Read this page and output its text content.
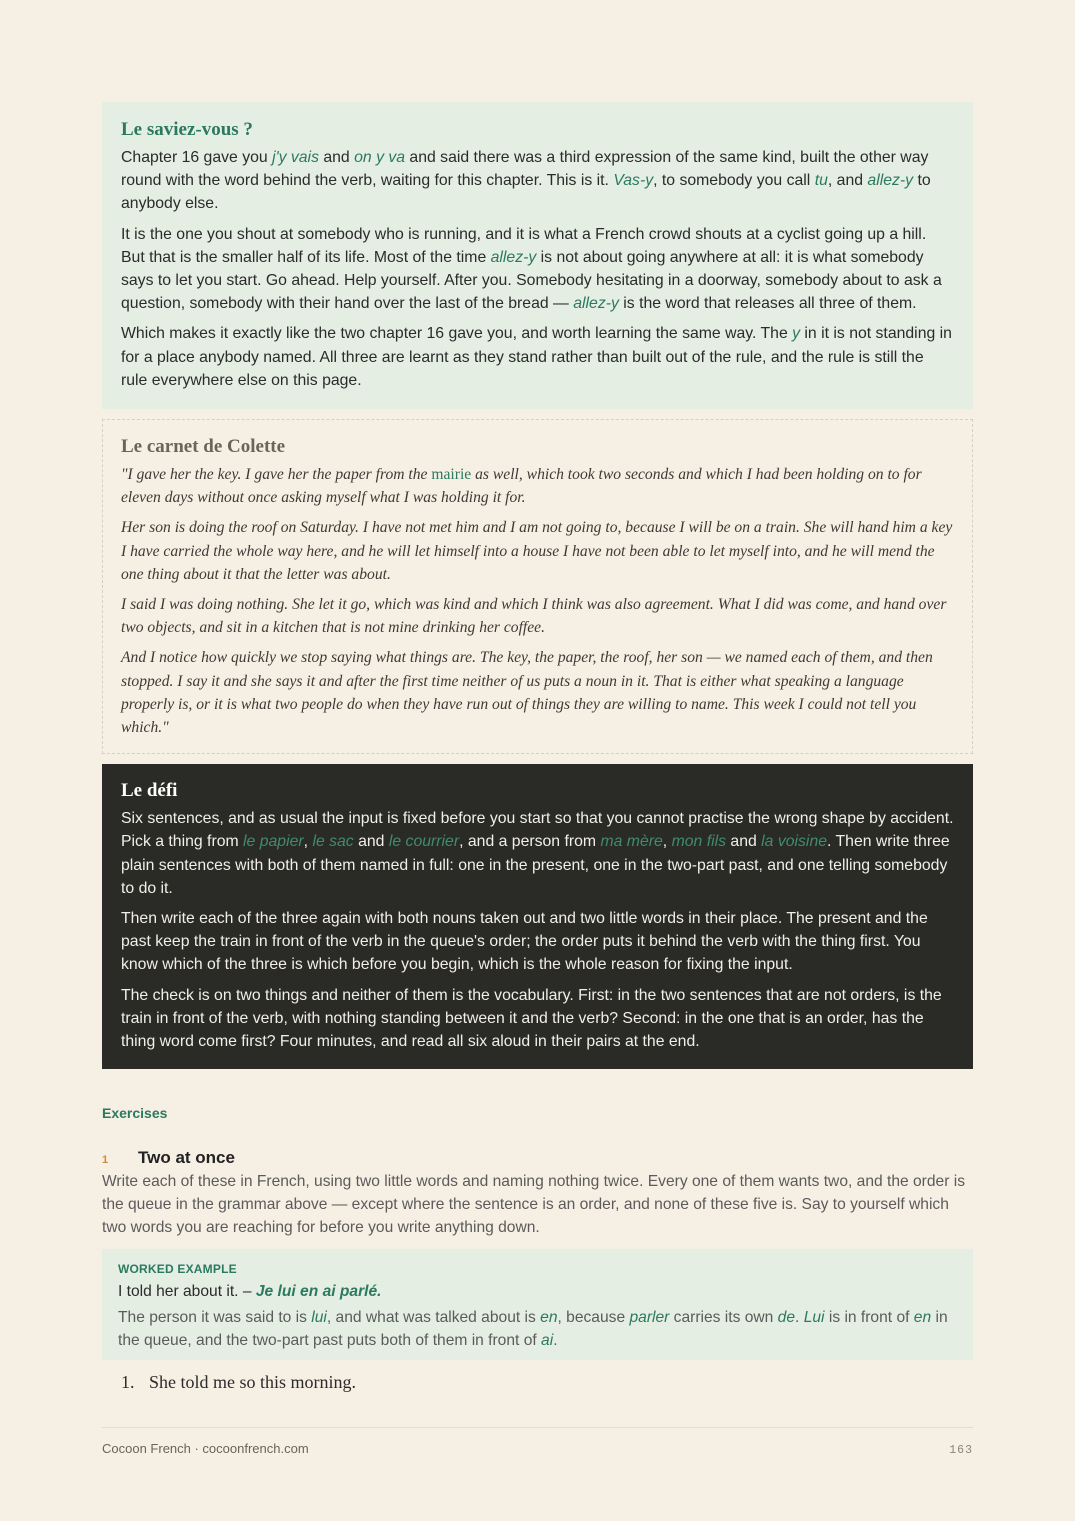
Le saviez-vous ?

Chapter 16 gave you j'y vais and on y va and said there was a third expression of the same kind, built the other way round with the word behind the verb, waiting for this chapter. This is it. Vas-y, to somebody you call tu, and allez-y to anybody else.

It is the one you shout at somebody who is running, and it is what a French crowd shouts at a cyclist going up a hill. But that is the smaller half of its life. Most of the time allez-y is not about going anywhere at all: it is what somebody says to let you start. Go ahead. Help yourself. After you. Somebody hesitating in a doorway, somebody about to ask a question, somebody with their hand over the last of the bread — allez-y is the word that releases all three of them.

Which makes it exactly like the two chapter 16 gave you, and worth learning the same way. The y in it is not standing in for a place anybody named. All three are learnt as they stand rather than built out of the rule, and the rule is still the rule everywhere else on this page.

Le carnet de Colette

"I gave her the key. I gave her the paper from the mairie as well, which took two seconds and which I had been holding on to for eleven days without once asking myself what I was holding it for.

Her son is doing the roof on Saturday. I have not met him and I am not going to, because I will be on a train. She will hand him a key I have carried the whole way here, and he will let himself into a house I have not been able to let myself into, and he will mend the one thing about it that the letter was about.

I said I was doing nothing. She let it go, which was kind and which I think was also agreement. What I did was come, and hand over two objects, and sit in a kitchen that is not mine drinking her coffee.

And I notice how quickly we stop saying what things are. The key, the paper, the roof, her son — we named each of them, and then stopped. I say it and she says it and after the first time neither of us puts a noun in it. That is either what speaking a language properly is, or it is what two people do when they have run out of things they are willing to name. This week I could not tell you which."

Le défi

Six sentences, and as usual the input is fixed before you start so that you cannot practise the wrong shape by accident. Pick a thing from le papier, le sac and le courrier, and a person from ma mère, mon fils and la voisine. Then write three plain sentences with both of them named in full: one in the present, one in the two-part past, and one telling somebody to do it.

Then write each of the three again with both nouns taken out and two little words in their place. The present and the past keep the train in front of the verb in the queue's order; the order puts it behind the verb with the thing first. You know which of the three is which before you begin, which is the whole reason for fixing the input.

The check is on two things and neither of them is the vocabulary. First: in the two sentences that are not orders, is the train in front of the verb, with nothing standing between it and the verb? Second: in the one that is an order, has the thing word come first? Four minutes, and read all six aloud in their pairs at the end.

Exercises
1	Two at once

Write each of these in French, using two little words and naming nothing twice. Every one of them wants two, and the order is the queue in the grammar above — except where the sentence is an order, and none of these five is. Say to yourself which two words you are reaching for before you write anything down.

WORKED EXAMPLE
I told her about it. – Je lui en ai parlé.
The person it was said to is lui, and what was talked about is en, because parler carries its own de. Lui is in front of en in the queue, and the two-part past puts both of them in front of ai.
1. She told me so this morning.
Cocoon French · cocoonfrench.com	163
